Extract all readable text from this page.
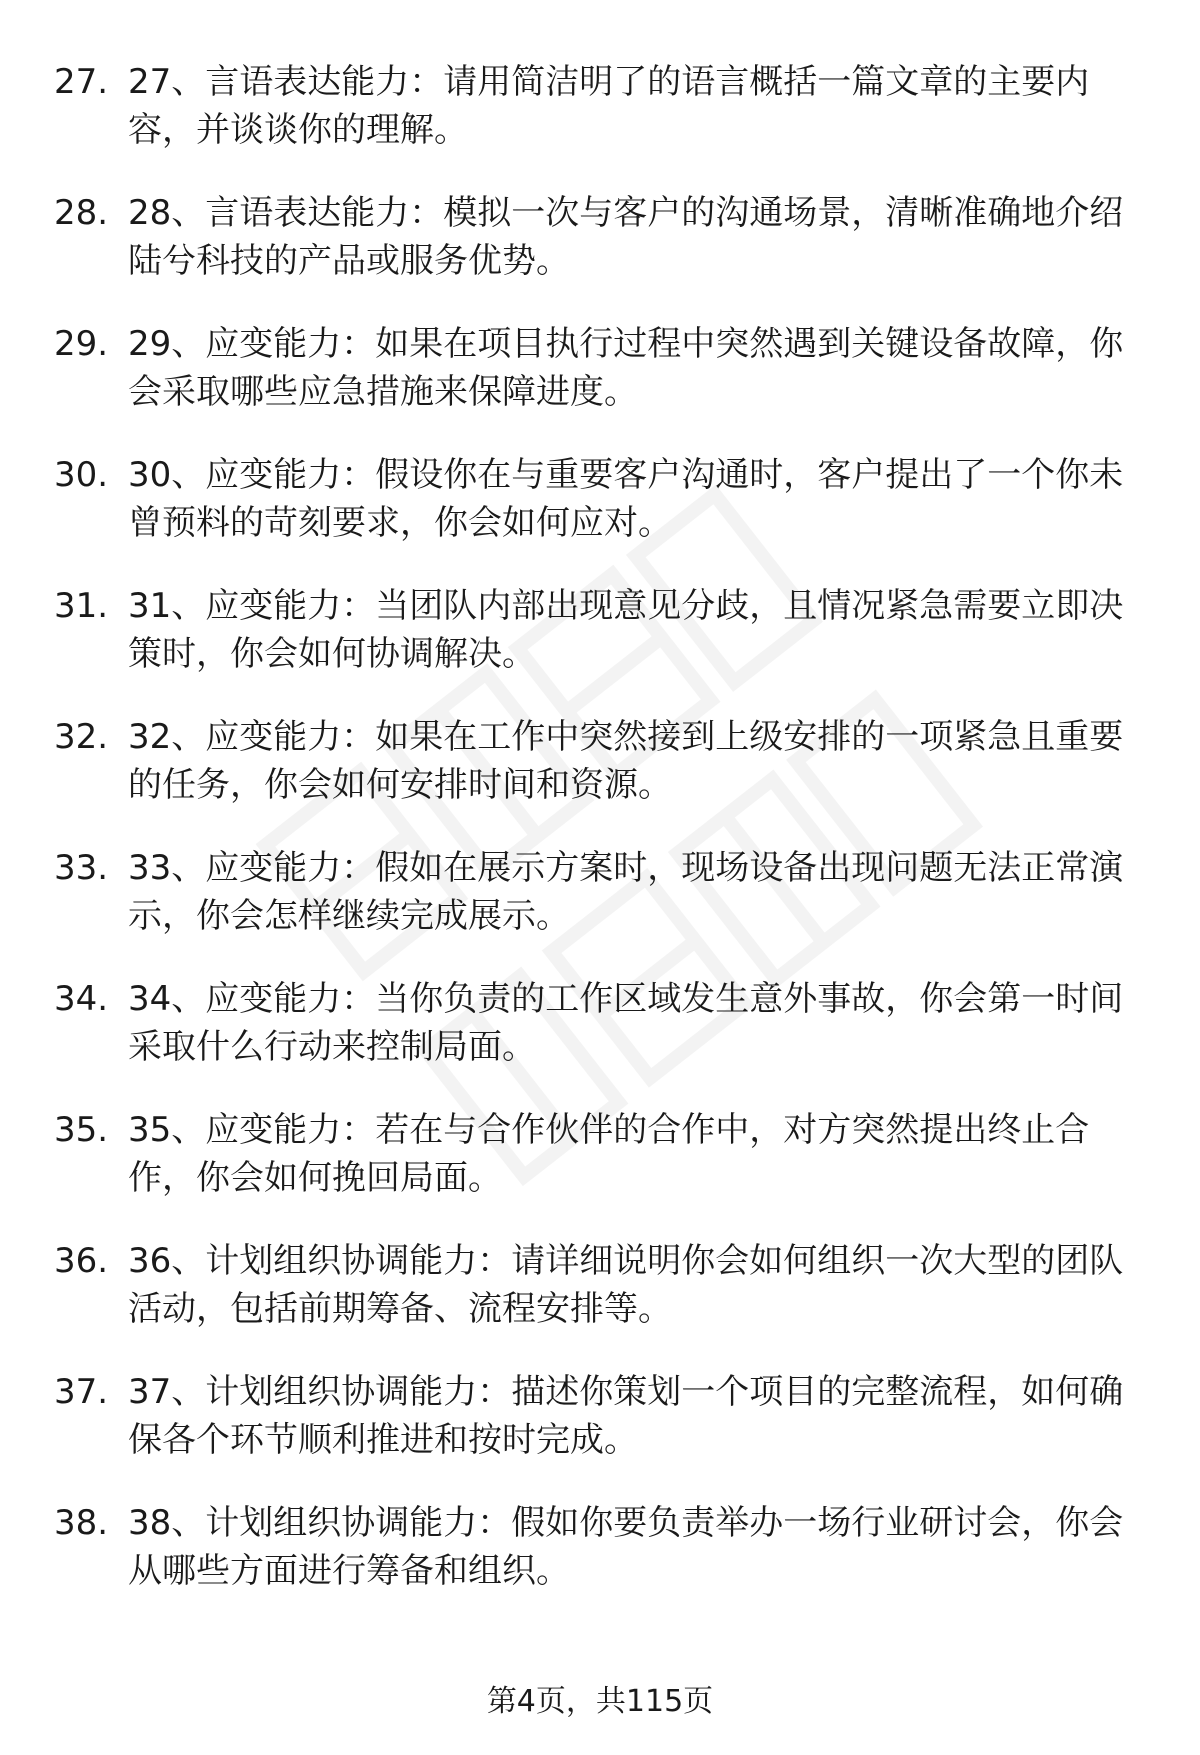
27. 27、言语表达能力：请用简洁明了的语言概括一篇文章的主要内容，并谈谈你的理解。
28. 28、言语表达能力：模拟一次与客户的沟通场景，清晰准确地介绍陆兮科技的产品或服务优势。
29. 29、应变能力：如果在项目执行过程中突然遇到关键设备故障，你会采取哪些应急措施来保障进度。
30. 30、应变能力：假设你在与重要客户沟通时，客户提出了一个你未曾预料的苛刻要求，你会如何应对。
31. 31、应变能力：当团队内部出现意见分歧，且情况紧急需要立即决策时，你会如何协调解决。
32. 32、应变能力：如果在工作中突然接到上级安排的一项紧急且重要的任务，你会如何安排时间和资源。
33. 33、应变能力：假如在展示方案时，现场设备出现问题无法正常演示，你会怎样继续完成展示。
34. 34、应变能力：当你负责的工作区域发生意外事故，你会第一时间采取什么行动来控制局面。
35. 35、应变能力：若在与合作伙伴的合作中，对方突然提出终止合作，你会如何挽回局面。
36. 36、计划组织协调能力：请详细说明你会如何组织一次大型的团队活动，包括前期筹备、流程安排等。
37. 37、计划组织协调能力：描述你策划一个项目的完整流程，如何确保各个环节顺利推进和按时完成。
38. 38、计划组织协调能力：假如你要负责举办一场行业研讨会，你会从哪些方面进行筹备和组织。
第4页，共115页
